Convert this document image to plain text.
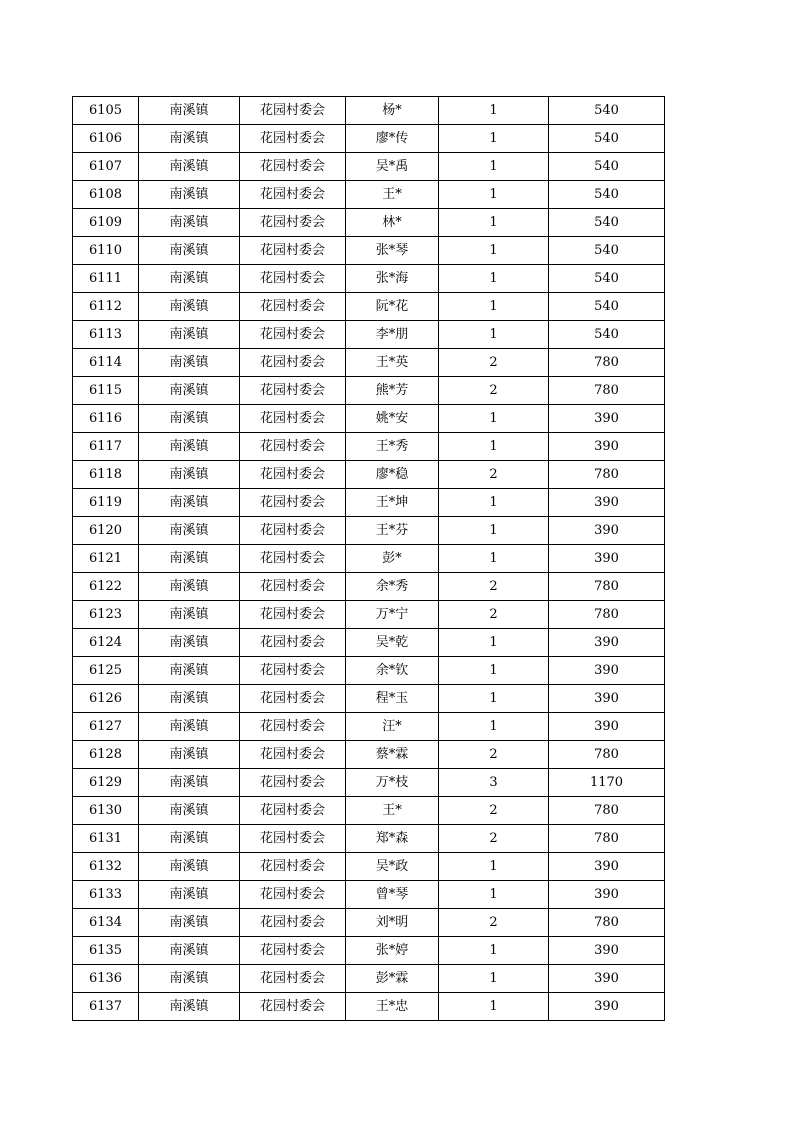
6105	南溪镇	花园村委会	杨*	1	540
6106	南溪镇	花园村委会	廖*传	1	540
6107	南溪镇	花园村委会	吴*禹	1	540
6108	南溪镇	花园村委会	王*	1	540
6109	南溪镇	花园村委会	林*	1	540
6110	南溪镇	花园村委会	张*琴	1	540
6111	南溪镇	花园村委会	张*海	1	540
6112	南溪镇	花园村委会	阮*花	1	540
6113	南溪镇	花园村委会	李*朋	1	540
6114	南溪镇	花园村委会	王*英	2	780
6115	南溪镇	花园村委会	熊*芳	2	780
6116	南溪镇	花园村委会	姚*安	1	390
6117	南溪镇	花园村委会	王*秀	1	390
6118	南溪镇	花园村委会	廖*稳	2	780
6119	南溪镇	花园村委会	王*坤	1	390
6120	南溪镇	花园村委会	王*芬	1	390
6121	南溪镇	花园村委会	彭*	1	390
6122	南溪镇	花园村委会	余*秀	2	780
6123	南溪镇	花园村委会	万*宁	2	780
6124	南溪镇	花园村委会	吴*乾	1	390
6125	南溪镇	花园村委会	余*钦	1	390
6126	南溪镇	花园村委会	程*玉	1	390
6127	南溪镇	花园村委会	汪*	1	390
6128	南溪镇	花园村委会	蔡*霖	2	780
6129	南溪镇	花园村委会	万*枝	3	1170
6130	南溪镇	花园村委会	王*	2	780
6131	南溪镇	花园村委会	郑*森	2	780
6132	南溪镇	花园村委会	吴*政	1	390
6133	南溪镇	花园村委会	曾*琴	1	390
6134	南溪镇	花园村委会	刘*明	2	780
6135	南溪镇	花园村委会	张*婷	1	390
6136	南溪镇	花园村委会	彭*霖	1	390
6137	南溪镇	花园村委会	王*忠	1	390
